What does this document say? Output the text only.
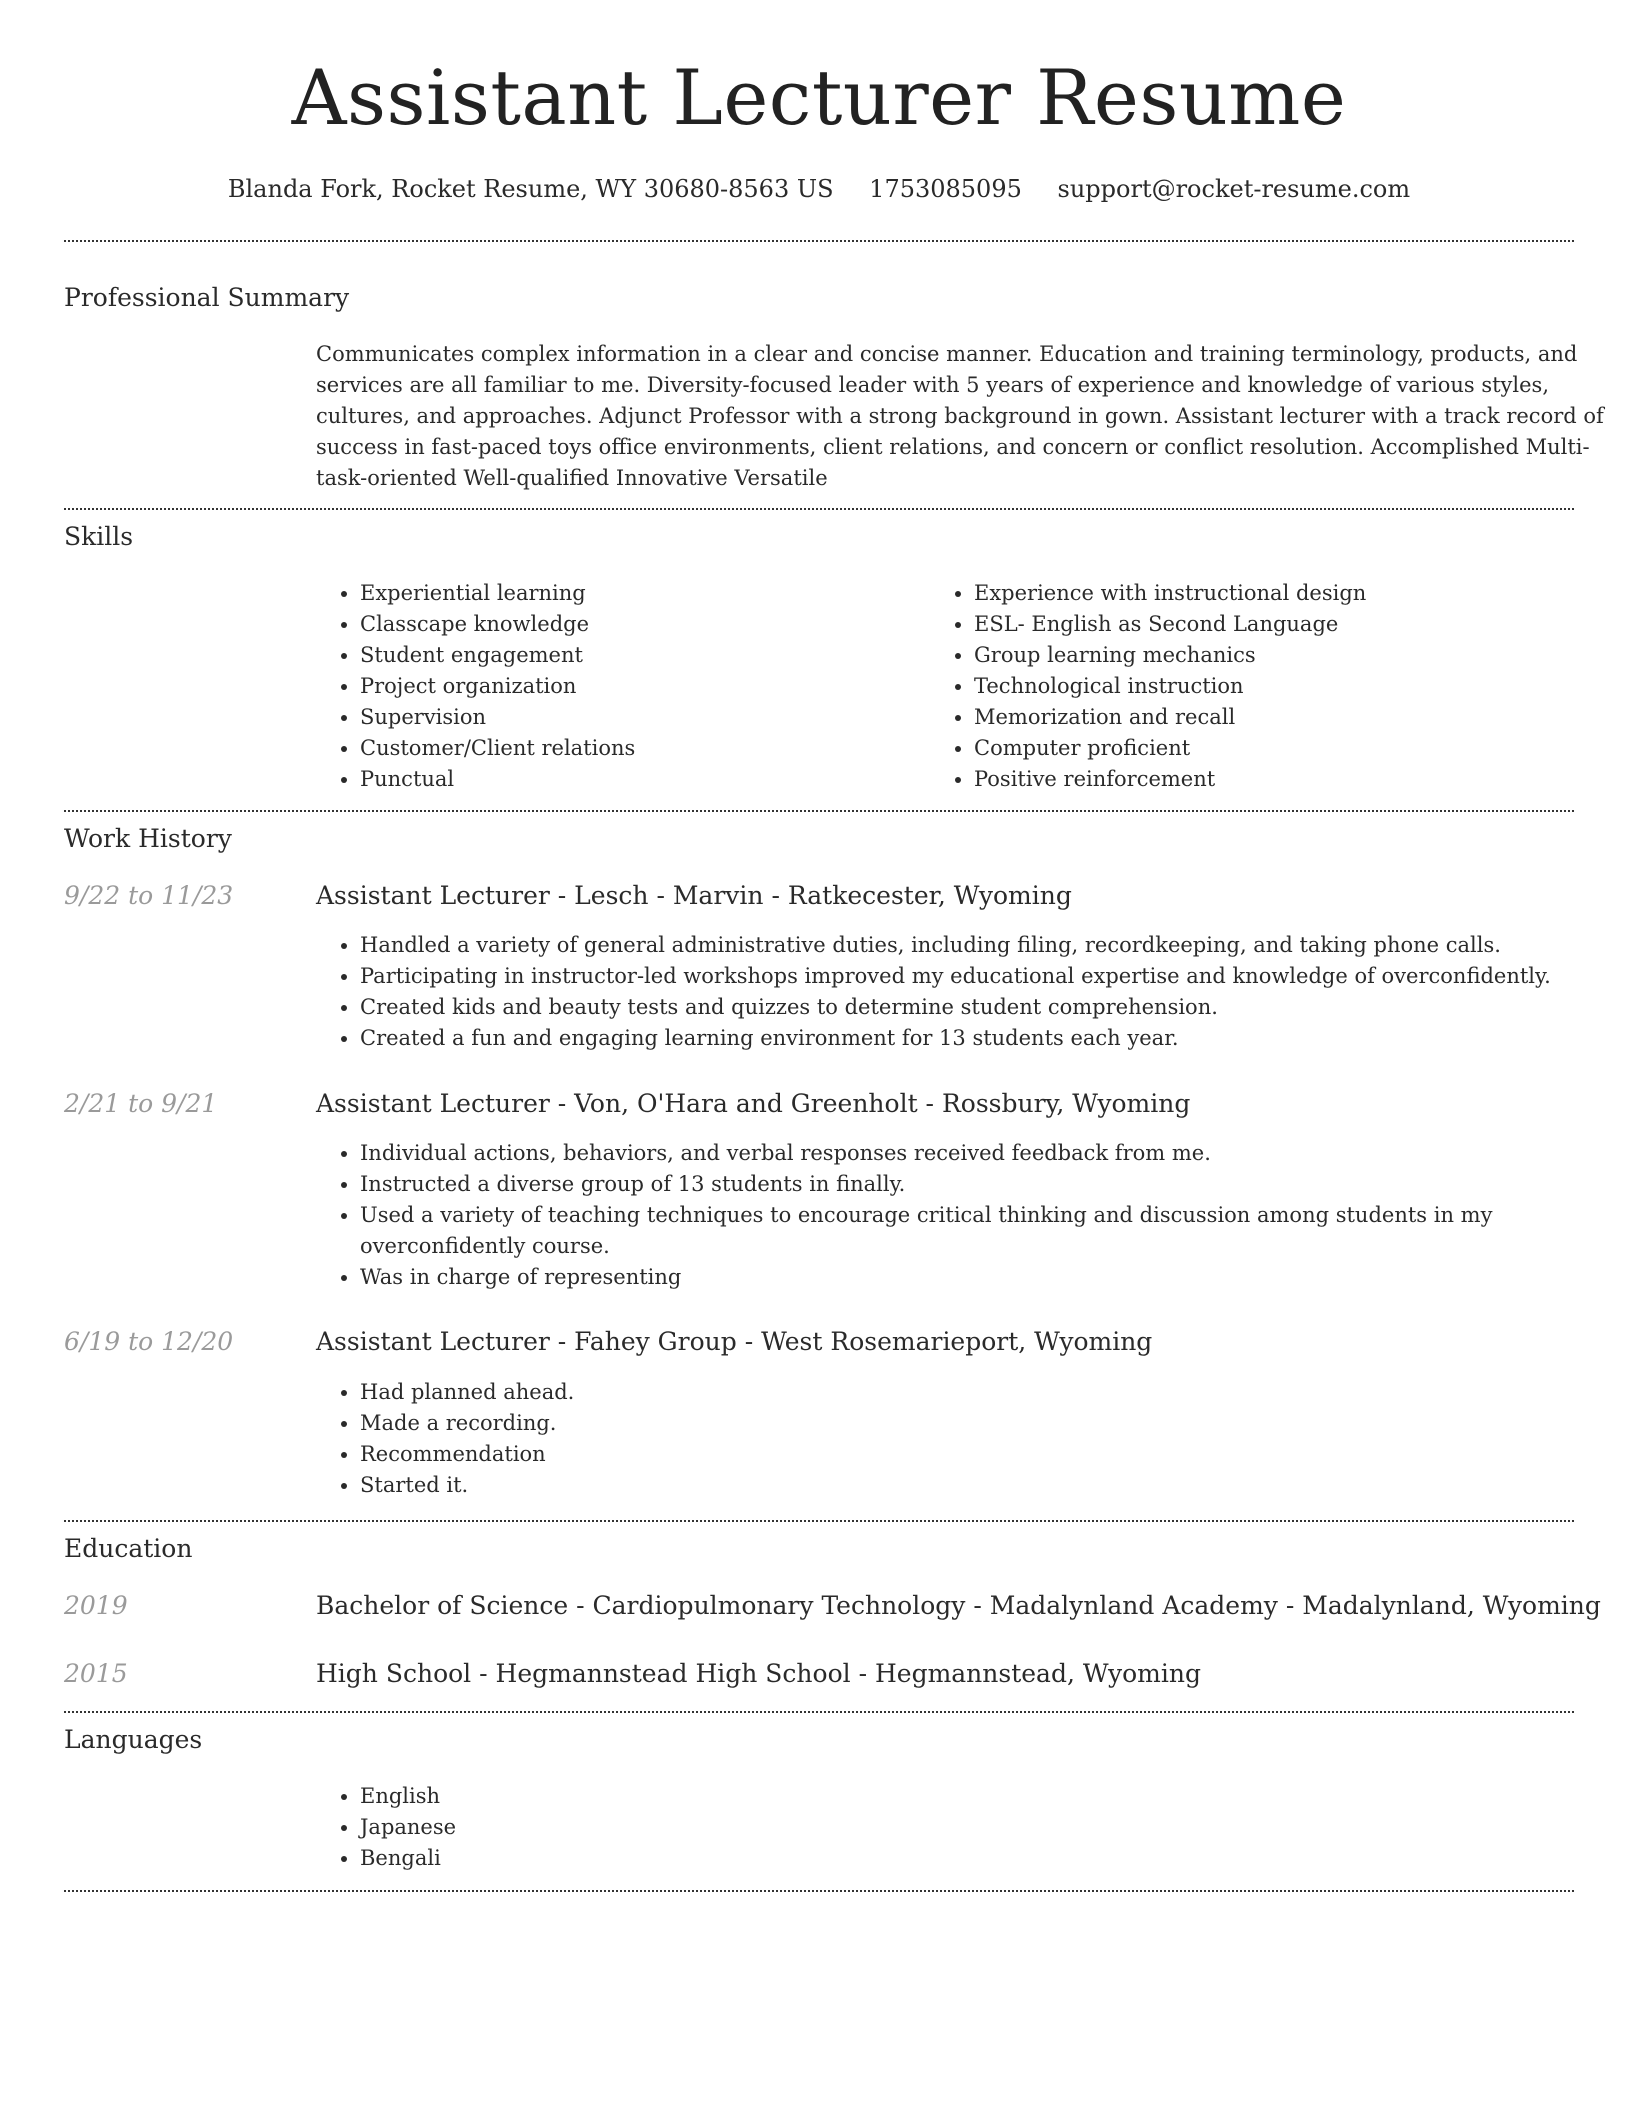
Assistant Lecturer Resume
Blanda Fork, Rocket Resume, WY 30680-8563 US 1753085095 support@rocket-resume.com
Professional Summary

Communicates complex information in a clear and concise manner. Education and training terminology, products, and services are all familiar to me. Diversity-focused leader with 5 years of experience and knowledge of various styles, cultures, and approaches. Adjunct Professor with a strong background in gown. Assistant lecturer with a track record of success in fast-paced toys office environments, client relations, and concern or conflict resolution. Accomplished Multi-task-oriented Well-qualified Innovative Versatile

Skills
• Experiential learning
• Classcape knowledge
• Student engagement
• Project organization
• Supervision
• Customer/Client relations
• Punctual
• Experience with instructional design
• ESL- English as Second Language
• Group learning mechanics
• Technological instruction
• Memorization and recall
• Computer proficient
• Positive reinforcement
Work History
9/22 to 11/23	Assistant Lecturer - Lesch - Marvin - Ratkecester, Wyoming
• Handled a variety of general administrative duties, including filing, recordkeeping, and taking phone calls.
• Participating in instructor-led workshops improved my educational expertise and knowledge of overconfidently.
• Created kids and beauty tests and quizzes to determine student comprehension.
• Created a fun and engaging learning environment for 13 students each year.
2/21 to 9/21	Assistant Lecturer - Von, O'Hara and Greenholt - Rossbury, Wyoming
• Individual actions, behaviors, and verbal responses received feedback from me.
• Instructed a diverse group of 13 students in finally.
• Used a variety of teaching techniques to encourage critical thinking and discussion among students in my overconfidently course.
• Was in charge of representing
6/19 to 12/20	Assistant Lecturer - Fahey Group - West Rosemarieport, Wyoming
• Had planned ahead.
• Made a recording.
• Recommendation
• Started it.
Education
2019	Bachelor of Science - Cardiopulmonary Technology - Madalynland Academy - Madalynland, Wyoming
2015	High School - Hegmannstead High School - Hegmannstead, Wyoming
Languages
• English
• Japanese
• Bengali
